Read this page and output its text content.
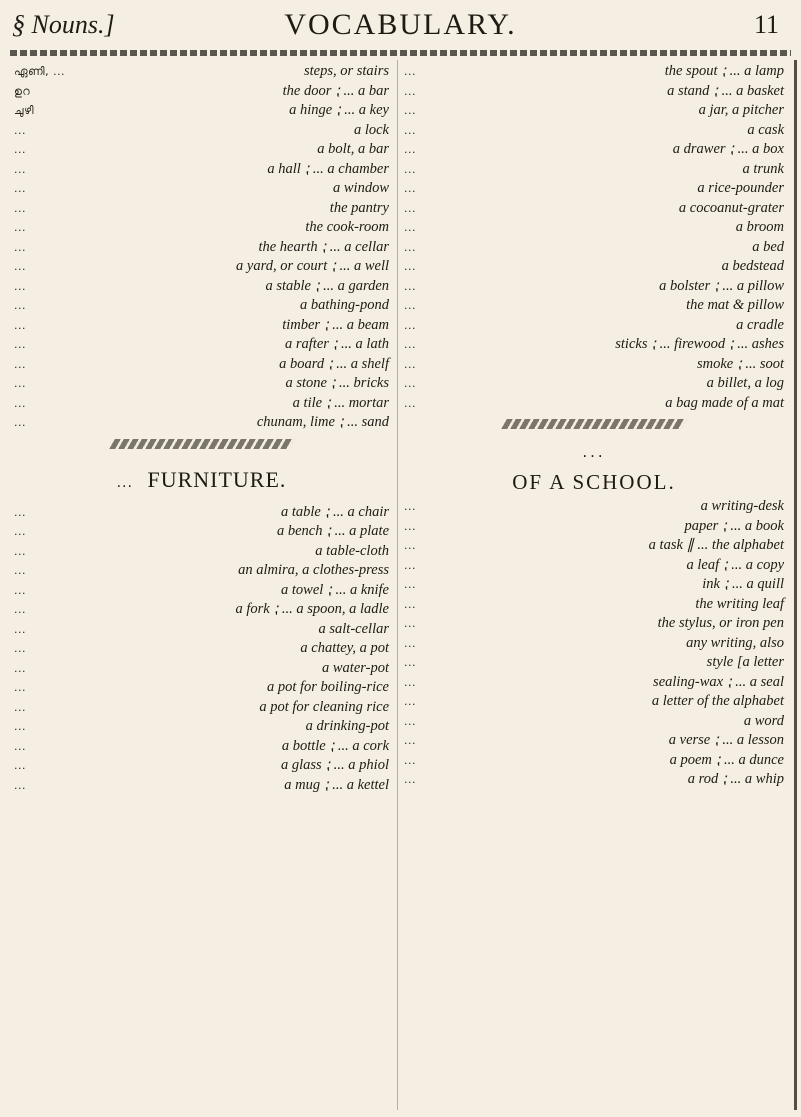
§ Nouns.]	VOCABULARY.	11
ഏണി, ...	steps, or stairs
ഉറ	the door ⁏ ... a bar
ചുഴി	a hinge ⁏ ... a key
...	a lock
...	a bolt, a bar
...	a hall ⁏ ... a chamber
...	a window
...	the pantry
...	the cook-room
...	the hearth ⁏ ... a cellar
...	a yard, or court ⁏ ... a well
...	a stable ⁏ ... a garden
...	a bathing-pond
...	timber ⁏ ... a beam
...	a rafter ⁏ ... a lath
...	a board ⁏ ... a shelf
...	a stone ⁏ ... bricks
...	a tile ⁏ ... mortar
...	chunam, lime ⁏ ... sand
... FURNITURE.
...	a table ⁏ ... a chair
...	a bench ⁏ ... a plate
...	a table-cloth
...	an almira, a clothes-press
...	a towel ⁏ ... a knife
...	a fork ⁏ ... a spoon, a ladle
...	a salt-cellar
...	a chattey, a pot
...	a water-pot
...	a pot for boiling-rice
...	a pot for cleaning rice
...	a drinking-pot
...	a bottle ⁏ ... a cork
...	a glass ⁏ ... a phiol
...	a mug ⁏ ... a kettel
...	the spout ⁏ ... a lamp
...	a stand ⁏ ... a basket
...	a jar, a pitcher
...	a cask
...	a drawer ⁏ ... a box
...	a trunk
...	a rice-pounder
...	a cocoanut-grater
...	a broom
...	a bed
...	a bedstead
...	a bolster ⁏ ... a pillow
...	the mat & pillow
...	a cradle
...	sticks ⁏ ... firewood ⁏ ... ashes
...	smoke ⁏ ... soot
...	a billet, a log
...	a bag made of a mat
...
OF A SCHOOL.
...	a writing-desk
...	paper ⁏ ... a book
...	a task ∥ ... the alphabet
...	a leaf ⁏ ... a copy
...	ink ⁏ ... a quill
...	the writing leaf
...	the stylus, or iron pen
...	any writing, also
...	style [a letter
...	sealing-wax ⁏ ... a seal
...	a letter of the alphabet
...	a word
...	a verse ⁏ ... a lesson
...	a poem ⁏ ... a dunce
...	a rod ⁏ ... a whip
